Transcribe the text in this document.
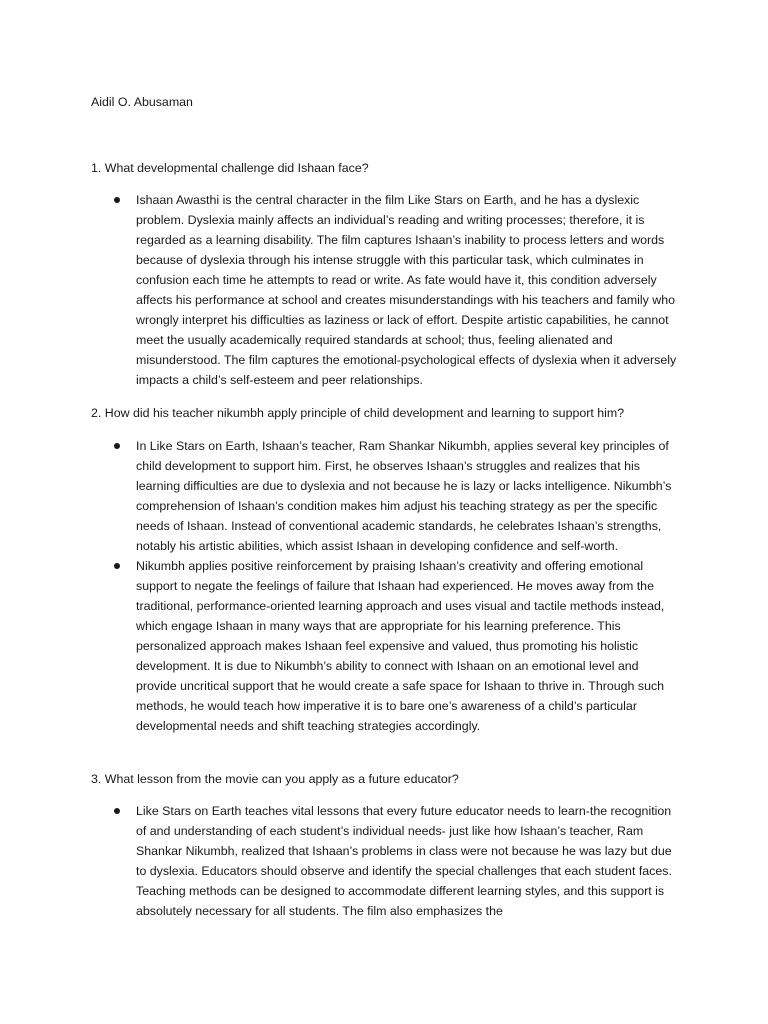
Aidil O. Abusaman

1. What developmental challenge did Ishaan face?

Ishaan Awasthi is the central character in the film Like Stars on Earth, and he has a dyslexic problem. Dyslexia mainly affects an individual’s reading and writing processes; therefore, it is regarded as a learning disability. The film captures Ishaan’s inability to process letters and words because of dyslexia through his intense struggle with this particular task, which culminates in confusion each time he attempts to read or write. As fate would have it, this condition adversely affects his performance at school and creates misunderstandings with his teachers and family who wrongly interpret his difficulties as laziness or lack of effort. Despite artistic capabilities, he cannot meet the usually academically required standards at school; thus, feeling alienated and misunderstood. The film captures the emotional-psychological effects of dyslexia when it adversely impacts a child’s self-esteem and peer relationships.

2. How did his teacher nikumbh apply principle of child development and learning to support him?

In Like Stars on Earth, Ishaan’s teacher, Ram Shankar Nikumbh, applies several key principles of child development to support him. First, he observes Ishaan’s struggles and realizes that his learning difficulties are due to dyslexia and not because he is lazy or lacks intelligence. Nikumbh’s comprehension of Ishaan’s condition makes him adjust his teaching strategy as per the specific needs of Ishaan. Instead of conventional academic standards, he celebrates Ishaan’s strengths, notably his artistic abilities, which assist Ishaan in developing confidence and self-worth.
Nikumbh applies positive reinforcement by praising Ishaan’s creativity and offering emotional support to negate the feelings of failure that Ishaan had experienced. He moves away from the traditional, performance-oriented learning approach and uses visual and tactile methods instead, which engage Ishaan in many ways that are appropriate for his learning preference. This personalized approach makes Ishaan feel expensive and valued, thus promoting his holistic development. It is due to Nikumbh’s ability to connect with Ishaan on an emotional level and provide uncritical support that he would create a safe space for Ishaan to thrive in. Through such methods, he would teach how imperative it is to bare one’s awareness of a child’s particular developmental needs and shift teaching strategies accordingly.

3. What lesson from the movie can you apply as a future educator?

Like Stars on Earth teaches vital lessons that every future educator needs to learn-the recognition of and understanding of each student’s individual needs- just like how Ishaan’s teacher, Ram Shankar Nikumbh, realized that Ishaan’s problems in class were not because he was lazy but due to dyslexia. Educators should observe and identify the special challenges that each student faces. Teaching methods can be designed to accommodate different learning styles, and this support is absolutely necessary for all students. The film also emphasizes the
